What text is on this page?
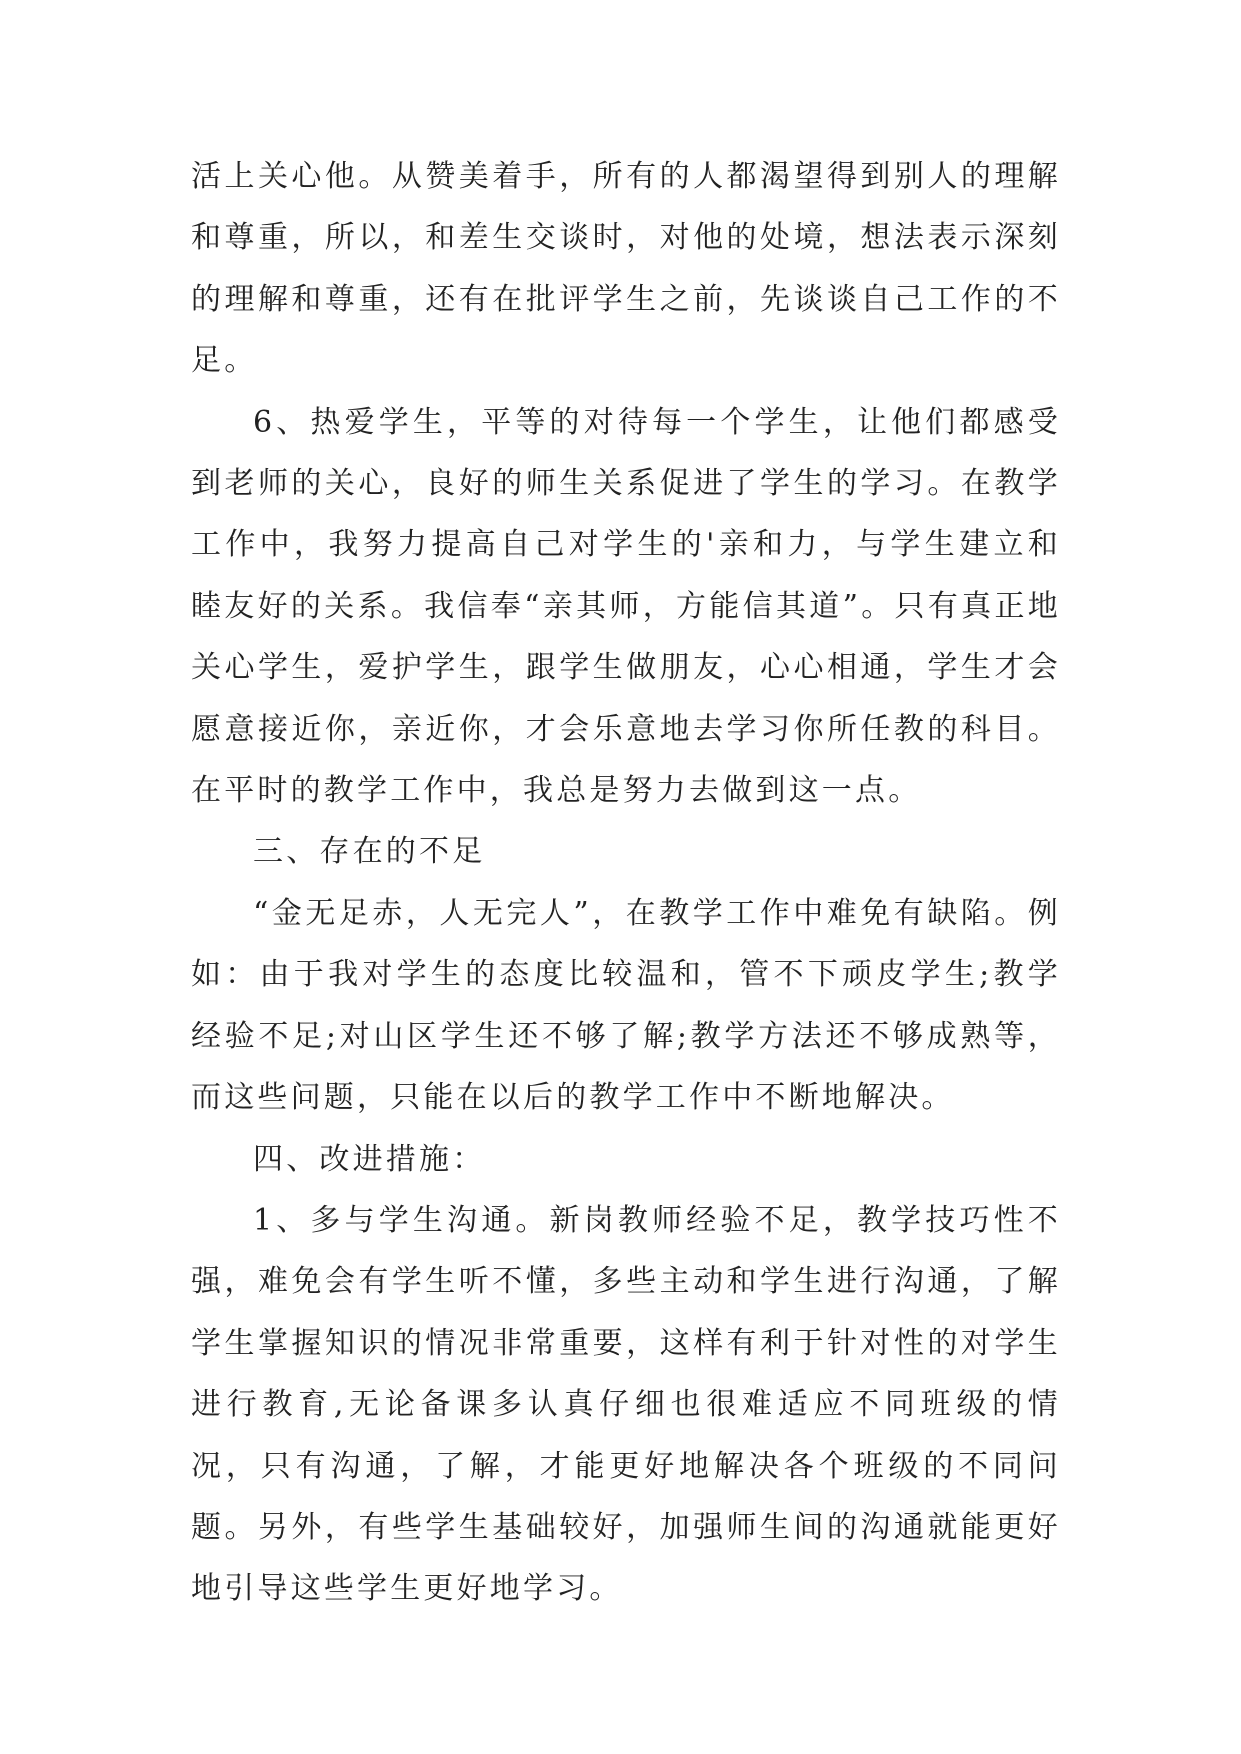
活上关心他。从赞美着手，所有的人都渴望得到别人的理解和尊重，所以，和差生交谈时，对他的处境，想法表示深刻的理解和尊重，还有在批评学生之前，先谈谈自己工作的不足。

6、热爱学生，平等的对待每一个学生，让他们都感受到老师的关心，良好的师生关系促进了学生的学习。在教学工作中，我努力提高自己对学生的'亲和力，与学生建立和睦友好的关系。我信奉“亲其师，方能信其道”。只有真正地关心学生，爱护学生，跟学生做朋友，心心相通，学生才会愿意接近你，亲近你，才会乐意地去学习你所任教的科目。在平时的教学工作中，我总是努力去做到这一点。

三、存在的不足

“金无足赤，人无完人”，在教学工作中难免有缺陷。例如：由于我对学生的态度比较温和，管不下顽皮学生;教学经验不足;对山区学生还不够了解;教学方法还不够成熟等，而这些问题，只能在以后的教学工作中不断地解决。

四、改进措施：

1、多与学生沟通。新岗教师经验不足，教学技巧性不强，难免会有学生听不懂，多些主动和学生进行沟通，了解学生掌握知识的情况非常重要，这样有利于针对性的对学生进行教育,无论备课多认真仔细也很难适应不同班级的情况，只有沟通，了解，才能更好地解决各个班级的不同问题。另外，有些学生基础较好，加强师生间的沟通就能更好地引导这些学生更好地学习。
